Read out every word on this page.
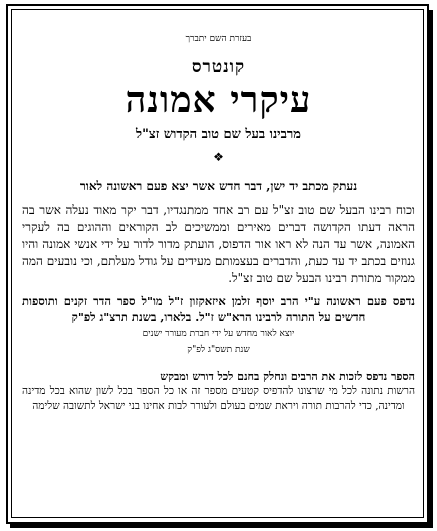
בעזרת השם יתברך
קונטרס
עיקרי אמונה
מרבינו בעל שם טוב הקדוש זצ"ל
❖
נעתק מכתב יד ישן, דבר חדש אשר יצא פעם ראשונה לאור
וכוח רבינו הבעל שם טוב זצ"ל עם רב אחד ממתנגדיו, דבר יקר מאוד נעלה אשר בה הראה דעתו הקדושה דברים מאירים וממשיכים לב הקוראים וההוגים בה לעקרי האמונה, אשר עד הנה לא ראו אור הדפוס, הועתק מדור לדור על ידי אנשי אמונה והיו גנוזים בכתב יד עד כעת, והדברים בעצמותם מעידים על גודל מעלתם, וכי נובעים המה ממקור מתורת רבינו הבעל שם טוב זצ"ל.
נדפס פעם ראשונה ע"י הרב יוסף זלמן איזאקזון ז"ל מו"ל ספר הדר זקנים ותוספות חדשים על התורה לרבינו הרא"ש ז"ל. בלארו, בשנת תרצ"ג לפ"ק
יוצא לאור מחדש על ידי חברת מעורר ישנים
שנת תשס"ג לפ"ק
הספר נדפס לזכות את הרבים ונחלק בחנם לכל דורש ומבקש
הרשות נתונה לכל מי שרצונו להדפיס קטעים מספר זה או כל הספר בכל לשון שהוא בכל מדינה ומדינה, כדי להרבות תורה ויראת שמים בעולם ולעורר לבות אחינו בני ישראל לתשובה שלימה
